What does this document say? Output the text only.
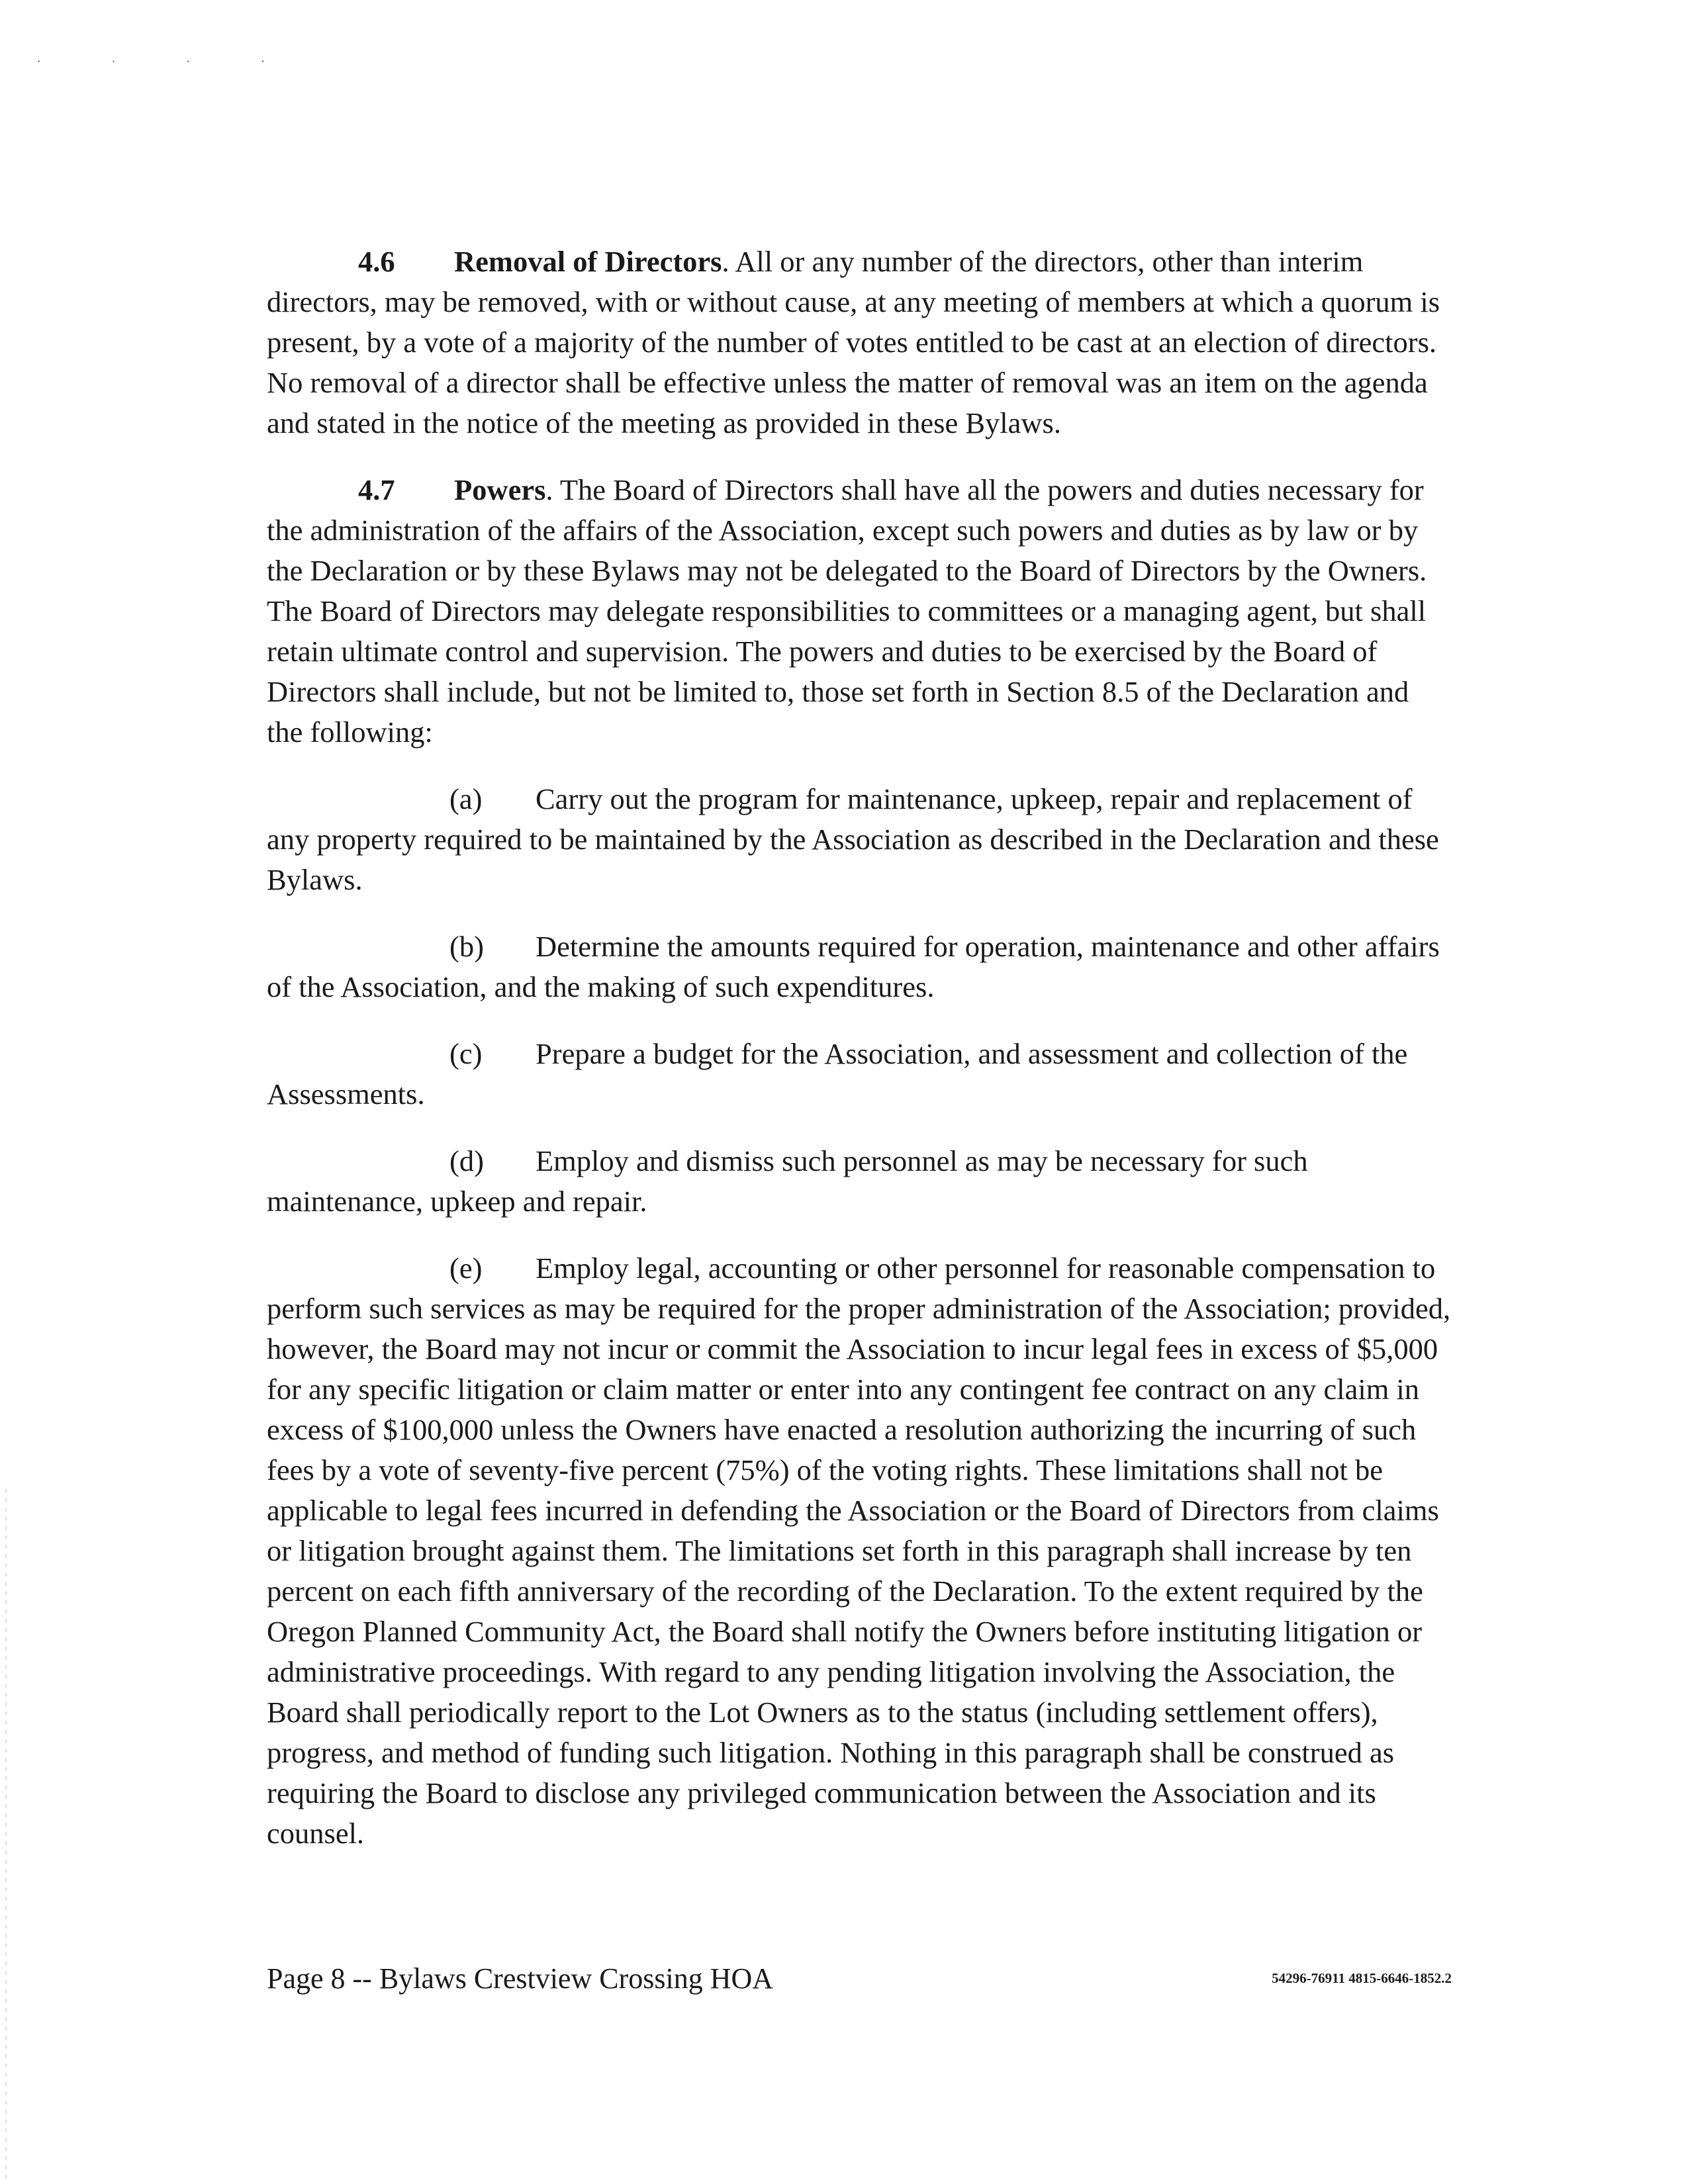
· · · ·

4.6 Removal of Directors. All or any number of the directors, other than interim directors, may be removed, with or without cause, at any meeting of members at which a quorum is present, by a vote of a majority of the number of votes entitled to be cast at an election of directors. No removal of a director shall be effective unless the matter of removal was an item on the agenda and stated in the notice of the meeting as provided in these Bylaws.

4.7 Powers. The Board of Directors shall have all the powers and duties necessary for the administration of the affairs of the Association, except such powers and duties as by law or by the Declaration or by these Bylaws may not be delegated to the Board of Directors by the Owners. The Board of Directors may delegate responsibilities to committees or a managing agent, but shall retain ultimate control and supervision. The powers and duties to be exercised by the Board of Directors shall include, but not be limited to, those set forth in Section 8.5 of the Declaration and the following:

(a) Carry out the program for maintenance, upkeep, repair and replacement of any property required to be maintained by the Association as described in the Declaration and these Bylaws.

(b) Determine the amounts required for operation, maintenance and other affairs of the Association, and the making of such expenditures.

(c) Prepare a budget for the Association, and assessment and collection of the Assessments.

(d) Employ and dismiss such personnel as may be necessary for such maintenance, upkeep and repair.

(e) Employ legal, accounting or other personnel for reasonable compensation to perform such services as may be required for the proper administration of the Association; provided, however, the Board may not incur or commit the Association to incur legal fees in excess of $5,000 for any specific litigation or claim matter or enter into any contingent fee contract on any claim in excess of $100,000 unless the Owners have enacted a resolution authorizing the incurring of such fees by a vote of seventy-five percent (75%) of the voting rights. These limitations shall not be applicable to legal fees incurred in defending the Association or the Board of Directors from claims or litigation brought against them. The limitations set forth in this paragraph shall increase by ten percent on each fifth anniversary of the recording of the Declaration. To the extent required by the Oregon Planned Community Act, the Board shall notify the Owners before instituting litigation or administrative proceedings. With regard to any pending litigation involving the Association, the Board shall periodically report to the Lot Owners as to the status (including settlement offers), progress, and method of funding such litigation. Nothing in this paragraph shall be construed as requiring the Board to disclose any privileged communication between the Association and its counsel.

Page 8 -- Bylaws Crestview Crossing HOA	54296-76911 4815-6646-1852.2
